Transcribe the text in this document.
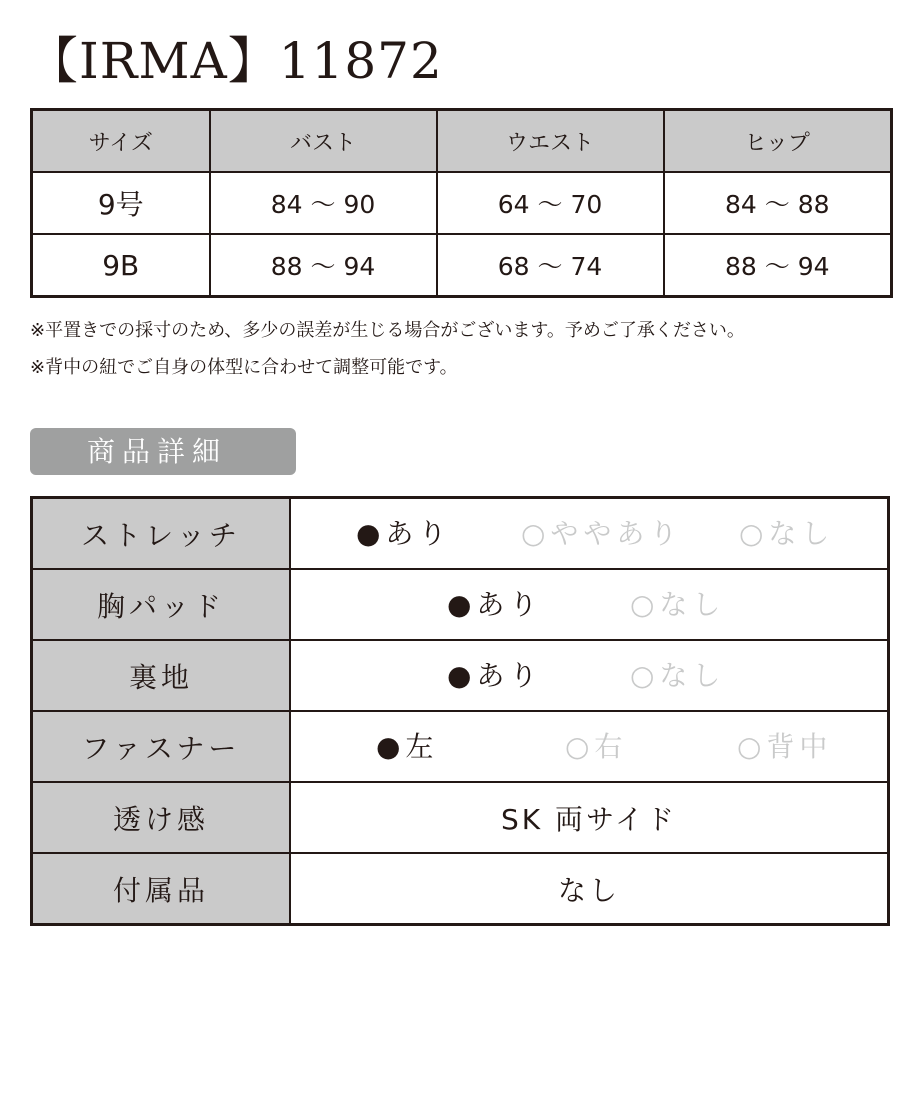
【IRMA】11872
サイズ	バスト	ウエスト	ヒップ
9号	84 〜 90	64 〜 70	84 〜 88
9B	88 〜 94	68 〜 74	88 〜 94
※平置きでの採寸のため、多少の誤差が生じる場合がございます。予めご了承ください。
※背中の紐でご自身の体型に合わせて調整可能です。
商品詳細
ストレッチ	●あり ○ややあり ○なし

胸パッド	●あり ○なし

裏地	●あり ○なし

ファスナー	●左 ○右 ○背中

透け感	SK 両サイド
付属品	なし
